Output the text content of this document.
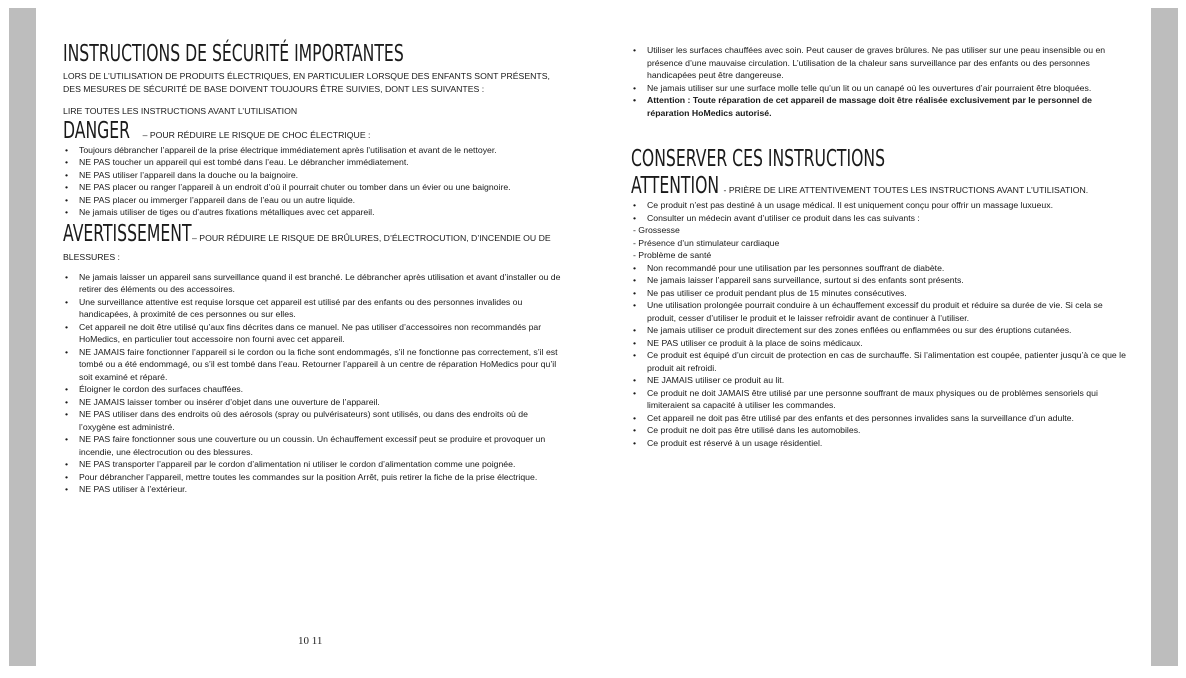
INSTRUCTIONS DE SÉCURITÉ IMPORTANTES
LORS DE L’UTILISATION DE PRODUITS ÉLECTRIQUES, EN PARTICULIER LORSQUE DES ENFANTS SONT PRÉSENTS, DES MESURES DE SÉCURITÉ DE BASE DOIVENT TOUJOURS ÊTRE SUIVIES, DONT LES SUIVANTES :
LIRE TOUTES LES INSTRUCTIONS AVANT L’UTILISATION
DANGER – POUR RÉDUIRE LE RISQUE DE CHOC ÉLECTRIQUE :
• Toujours débrancher l’appareil de la prise électrique immédiatement après l’utilisation et avant de le nettoyer.
• NE PAS toucher un appareil qui est tombé dans l’eau. Le débrancher immédiatement.
• NE PAS utiliser l’appareil dans la douche ou la baignoire.
• NE PAS placer ou ranger l’appareil à un endroit d’où il pourrait chuter ou tomber dans un évier ou une baignoire.
• NE PAS placer ou immerger l’appareil dans de l’eau ou un autre liquide.
• Ne jamais utiliser de tiges ou d’autres fixations métalliques avec cet appareil.
AVERTISSEMENT– POUR RÉDUIRE LE RISQUE DE BRÛLURES, D’ÉLECTROCUTION, D’INCENDIE OU DE BLESSURES :
• Ne jamais laisser un appareil sans surveillance quand il est branché. Le débrancher après utilisation et avant d’installer ou de retirer des éléments ou des accessoires.
• Une surveillance attentive est requise lorsque cet appareil est utilisé par des enfants ou des personnes invalides ou handicapées, à proximité de ces personnes ou sur elles.
• Cet appareil ne doit être utilisé qu’aux fins décrites dans ce manuel. Ne pas utiliser d’accessoires non recommandés par HoMedics, en particulier tout accessoire non fourni avec cet appareil.
• NE JAMAIS faire fonctionner l’appareil si le cordon ou la fiche sont endommagés, s’il ne fonctionne pas correctement, s’il est tombé ou a été endommagé, ou s’il est tombé dans l’eau. Retourner l’appareil à un centre de réparation HoMedics pour qu’il soit examiné et réparé.
• Éloigner le cordon des surfaces chauffées.
• NE JAMAIS laisser tomber ou insérer d’objet dans une ouverture de l’appareil.
• NE PAS utiliser dans des endroits où des aérosols (spray ou pulvérisateurs) sont utilisés, ou dans des endroits où de l’oxygène est administré.
• NE PAS faire fonctionner sous une couverture ou un coussin. Un échauffement excessif peut se produire et provoquer un incendie, une électrocution ou des blessures.
• NE PAS transporter l’appareil par le cordon d’alimentation ni utiliser le cordon d’alimentation comme une poignée.
• Pour débrancher l’appareil, mettre toutes les commandes sur la position Arrêt, puis retirer la fiche de la prise électrique.
• NE PAS utiliser à l’extérieur.
10 11
• Utiliser les surfaces chauffées avec soin. Peut causer de graves brûlures. Ne pas utiliser sur une peau insensible ou en présence d’une mauvaise circulation. L’utilisation de la chaleur sans surveillance par des enfants ou des personnes handicapées peut être dangereuse.
• Ne jamais utiliser sur une surface molle telle qu’un lit ou un canapé où les ouvertures d’air pourraient être bloquées.
• Attention : Toute réparation de cet appareil de massage doit être réalisée exclusivement par le personnel de réparation HoMedics autorisé.
CONSERVER CES INSTRUCTIONS
ATTENTION - PRIÈRE DE LIRE ATTENTIVEMENT TOUTES LES INSTRUCTIONS AVANT L’UTILISATION.
• Ce produit n’est pas destiné à un usage médical. Il est uniquement conçu pour offrir un massage luxueux.
• Consulter un médecin avant d’utiliser ce produit dans les cas suivants :
- Grossesse
- Présence d’un stimulateur cardiaque
- Problème de santé
• Non recommandé pour une utilisation par les personnes souffrant de diabète.
• Ne jamais laisser l’appareil sans surveillance, surtout si des enfants sont présents.
• Ne pas utiliser ce produit pendant plus de 15 minutes consécutives.
• Une utilisation prolongée pourrait conduire à un échauffement excessif du produit et réduire sa durée de vie. Si cela se produit, cesser d’utiliser le produit et le laisser refroidir avant de continuer à l’utiliser.
• Ne jamais utiliser ce produit directement sur des zones enflées ou enflammées ou sur des éruptions cutanées.
• NE PAS utiliser ce produit à la place de soins médicaux.
• Ce produit est équipé d’un circuit de protection en cas de surchauffe. Si l’alimentation est coupée, patienter jusqu’à ce que le produit ait refroidi.
• NE JAMAIS utiliser ce produit au lit.
• Ce produit ne doit JAMAIS être utilisé par une personne souffrant de maux physiques ou de problèmes sensoriels qui limiteraient sa capacité à utiliser les commandes.
• Cet appareil ne doit pas être utilisé par des enfants et des personnes invalides sans la surveillance d’un adulte.
• Ce produit ne doit pas être utilisé dans les automobiles.
• Ce produit est réservé à un usage résidentiel.
